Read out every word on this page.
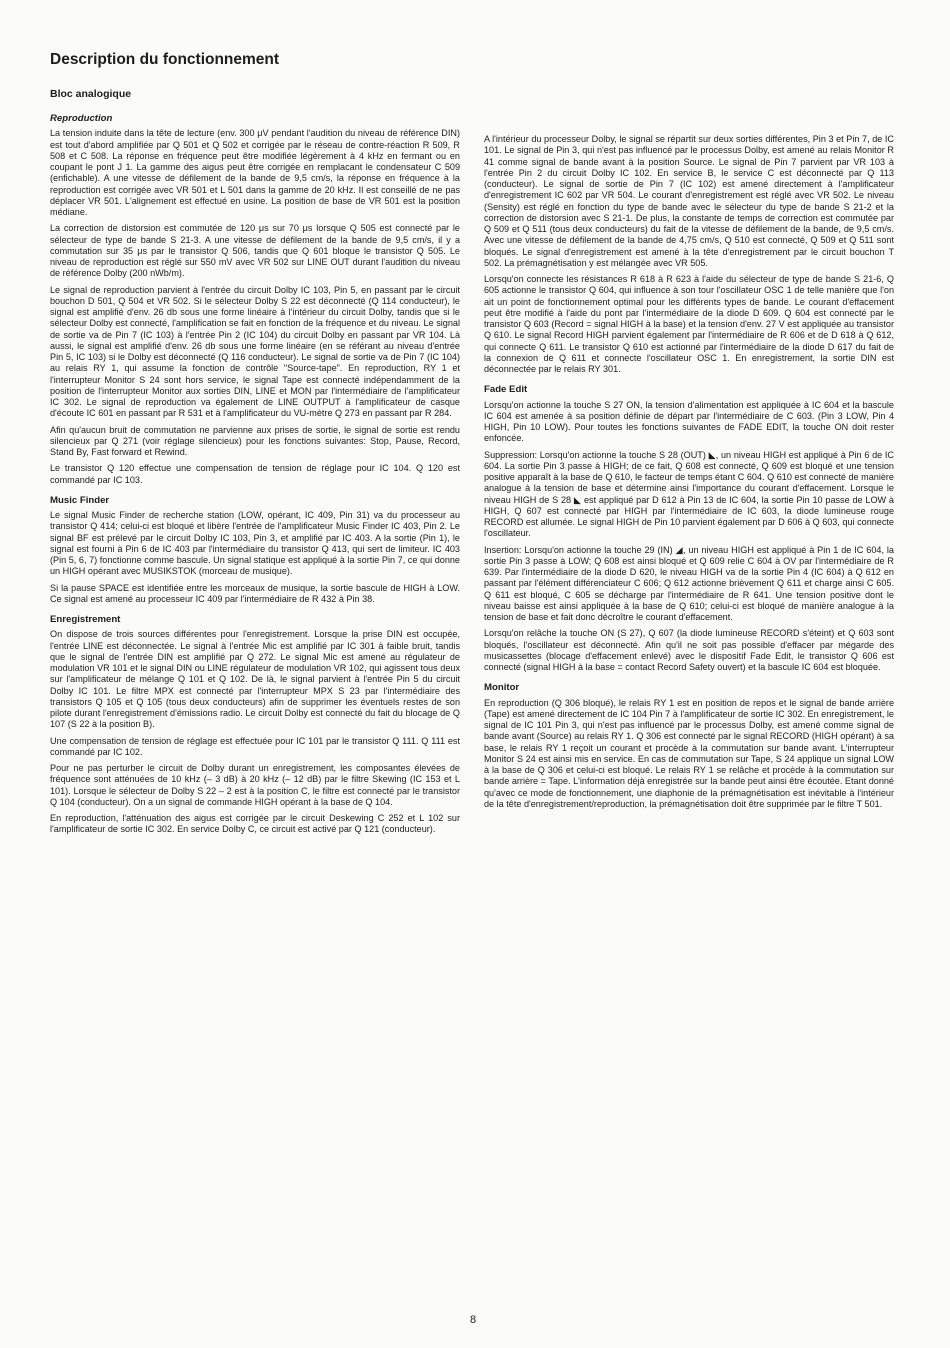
Description du fonctionnement
Bloc analogique
Reproduction

La tension induite dans la tête de lecture (env. 300 μV pendant l'audition du niveau de référence DIN) est tout d'abord amplifiée par Q 501 et Q 502 et corrigée par le réseau de contre-réaction R 509, R 508 et C 508. La réponse en fréquence peut être modifiée légèrement à 4 kHz en fermant ou en coupant le pont J 1. La gamme des aigus peut être corrigée en remplacant le condensateur C 509 (enfichable). A une vitesse de défilement de la bande de 9,5 cm/s, la réponse en fréquence à la reproduction est corrigée avec VR 501 et L 501 dans la gamme de 20 kHz. Il est conseillé de ne pas déplacer VR 501. L'alignement est effectué en usine. La position de base de VR 501 est la position médiane.

La correction de distorsion est commutée de 120 μs sur 70 μs lorsque Q 505 est connecté par le sélecteur de type de bande S 21-3. A une vitesse de défilement de la bande de 9,5 cm/s, il y a commutation sur 35 μs par le transistor Q 506, tandis que Q 601 bloque le transistor Q 505. Le niveau de reproduction est réglé sur 550 mV avec VR 502 sur LINE OUT durant l'audition du niveau de référence Dolby (200 nWb/m).

Le signal de reproduction parvient à l'entrée du circuit Dolby IC 103, Pin 5, en passant par le circuit bouchon D 501, Q 504 et VR 502. Si le sélecteur Dolby S 22 est déconnecté (Q 114 conducteur), le signal est amplifié d'env. 26 db sous une forme linéaire à l'intérieur du circuit Dolby, tandis que si le sélecteur Dolby est connecté, l'amplification se fait en fonction de la fréquence et du niveau. Le signal de sortie va de Pin 7 (IC 103) à l'entrée Pin 2 (IC 104) du circuit Dolby en passant par VR 104. Là aussi, le signal est amplifié d'env. 26 db sous une forme linéaire (en se référant au niveau d'entrée Pin 5, IC 103) si le Dolby est déconnecté (Q 116 conducteur). Le signal de sortie va de Pin 7 (IC 104) au relais RY 1, qui assume la fonction de contrôle "Source-tape". En reproduction, RY 1 et l'interrupteur Monitor S 24 sont hors service, le signal Tape est connecté indépendamment de la position de l'interrupteur Monitor aux sorties DIN, LINE et MON par l'intermédiaire de l'amplificateur IC 302. Le signal de reproduction va également de LINE OUTPUT à l'amplificateur de casque d'écoute IC 601 en passant par R 531 et à l'amplificateur du VU-mètre Q 273 en passant par R 284.

Afin qu'aucun bruit de commutation ne parvienne aux prises de sortie, le signal de sortie est rendu silencieux par Q 271 (voir réglage silencieux) pour les fonctions suivantes: Stop, Pause, Record, Stand By, Fast forward et Rewind.

Le transistor Q 120 effectue une compensation de tension de réglage pour IC 104. Q 120 est commandé par IC 103.

Music Finder

Le signal Music Finder de recherche station (LOW, opérant, IC 409, Pin 31) va du processeur au transistor Q 414; celui-ci est bloqué et libère l'entrée de l'amplificateur Music Finder IC 403, Pin 2. Le signal BF est prélevé par le circuit Dolby IC 103, Pin 3, et amplifié par IC 403. A la sortie (Pin 1), le signal est fourni à Pin 6 de IC 403 par l'intermédiaire du transistor Q 413, qui sert de limiteur. IC 403 (Pin 5, 6, 7) fonctionne comme bascule. Un signal statique est appliqué à la sortie Pin 7, ce qui donne un HIGH opérant avec MUSIKSTOK (morceau de musique).

Si la pause SPACE est identifiée entre les morceaux de musique, la sortie bascule de HIGH à LOW. Ce signal est amené au processeur IC 409 par l'intermédiaire de R 432 à Pin 38.

Enregistrement

On dispose de trois sources différentes pour l'enregistrement. Lorsque la prise DIN est occupée, l'entrée LINE est déconnectée. Le signal à l'entrée Mic est amplifié par IC 301 à faible bruit, tandis que le signal de l'entrée DIN est amplifié par Q 272. Le signal Mic est amené au régulateur de modulation VR 101 et le signal DIN ou LINE régulateur de modulation VR 102, qui agissent tous deux sur l'amplificateur de mélange Q 101 et Q 102. De là, le signal parvient à l'entrée Pin 5 du circuit Dolby IC 101. Le filtre MPX est connecté par l'interrupteur MPX S 23 par l'intermédiaire des transistors Q 105 et Q 105 (tous deux conducteurs) afin de supprimer les éventuels restes de son pilote durant l'enregistrement d'émissions radio. Le circuit Dolby est connecté du fait du blocage de Q 107 (S 22 à la position B).

Une compensation de tension de réglage est effectuée pour IC 101 par le transistor Q 111. Q 111 est commandé par IC 102.

Pour ne pas perturber le circuit de Dolby durant un enregistrement, les composantes élevées de fréquence sont atténuées de 10 kHz (– 3 dB) à 20 kHz (– 12 dB) par le filtre Skewing (IC 153 et L 101). Lorsque le sélecteur de Dolby S 22 – 2 est à la position C, le filtre est connecté par le transistor Q 104 (conducteur). On a un signal de commande HIGH opérant à la base de Q 104.

En reproduction, l'atténuation des aigus est corrigée par le circuit Deskewing C 252 et L 102 sur l'amplificateur de sortie IC 302. En service Dolby C, ce circuit est activé par Q 121 (conducteur).

A l'intérieur du processeur Dolby, le signal se répartit sur deux sorties différentes, Pin 3 et Pin 7, de IC 101. Le signal de Pin 3, qui n'est pas influencé par le processus Dolby, est amené au relais Monitor R 41 comme signal de bande avant à la position Source. Le signal de Pin 7 parvient par VR 103 à l'entrée Pin 2 du circuit Dolby IC 102. En service B, le service C est déconnecté par Q 113 (conducteur). Le signal de sortie de Pin 7 (IC 102) est amené directement à l'amplificateur d'enregistrement IC 602 par VR 504. Le courant d'enregistrement est réglé avec VR 502. Le niveau (Sensity) est réglé en fonction du type de bande avec le sélecteur du type de bande S 21-2 et la correction de distorsion avec S 21-1. De plus, la constante de temps de correction est commutée par Q 509 et Q 511 (tous deux conducteurs) du fait de la vitesse de défilement de la bande, de 9,5 cm/s. Avec une vitesse de défilement de la bande de 4,75 cm/s, Q 510 est connecté, Q 509 et Q 511 sont bloqués. Le signal d'enregistrement est amené à la tête d'enregistrement par le circuit bouchon T 502. La prémagnétisation y est mélangée avec VR 505.

Lorsqu'on connecte les résistances R 618 à R 623 à l'aide du sélecteur de type de bande S 21-6, Q 605 actionne le transistor Q 604, qui influence à son tour l'oscillateur OSC 1 de telle manière que l'on ait un point de fonctionnement optimal pour les différents types de bande. Le courant d'effacement peut être modifié à l'aide du pont par l'intermédiaire de la diode D 609. Q 604 est connecté par le transistor Q 603 (Record = signal HIGH à la base) et la tension d'env. 27 V est appliquée au transistor Q 610. Le signal Record HIGH parvient également par l'intermédiaire de R 606 et de D 618 à Q 612, qui connecte Q 611. Le transistor Q 610 est actionné par l'intermédiaire de la diode D 617 du fait de la connexion de Q 611 et connecte l'oscillateur OSC 1. En enregistrement, la sortie DIN est déconnectée par le relais RY 301.

Fade Edit

Lorsqu'on actionne la touche S 27 ON, la tension d'alimentation est appliquée à IC 604 et la bascule IC 604 est amenée à sa position définie de départ par l'intermédiaire de C 603. (Pin 3 LOW, Pin 4 HIGH, Pin 10 LOW). Pour toutes les fonctions suivantes de FADE EDIT, la touche ON doit rester enfoncée.

Suppression: Lorsqu'on actionne la touche S 28 (OUT) ◣, un niveau HIGH est appliqué à Pin 6 de IC 604. La sortie Pin 3 passe à HIGH; de ce fait, Q 608 est connecté, Q 609 est bloqué et une tension positive apparaît à la base de Q 610, le facteur de temps étant C 604. Q 610 est connecté de manière analogue à la tension de base et détermine ainsi l'importance du courant d'effacement. Lorsque le niveau HIGH de S 28 ◣ est appliqué par D 612 à Pin 13 de IC 604, la sortie Pin 10 passe de LOW à HIGH, Q 607 est connecté par HIGH par l'intermédiaire de IC 603, la diode lumineuse rouge RECORD est allumée. Le signal HIGH de Pin 10 parvient également par D 606 à Q 603, qui connecte l'oscillateur.

Insertion: Lorsqu'on actionne la touche 29 (IN) ◢, un niveau HIGH est appliqué à Pin 1 de IC 604, la sortie Pin 3 passe à LOW; Q 608 est ainsi bloqué et Q 609 relie C 604 à OV par l'intermédiaire de R 639. Par l'intermédiaire de la diode D 620, le niveau HIGH va de la sortie Pin 4 (IC 604) à Q 612 en passant par l'élément différenciateur C 606; Q 612 actionne brièvement Q 611 et charge ainsi C 605. Q 611 est bloqué, C 605 se décharge par l'intermédiaire de R 641. Une tension positive dont le niveau baisse est ainsi appliquée à la base de Q 610; celui-ci est bloqué de manière analogue à la tension de base et fait donc décroître le courant d'effacement.

Lorsqu'on relâche la touche ON (S 27), Q 607 (la diode lumineuse RECORD s'éteint) et Q 603 sont bloqués, l'oscillateur est déconnecté. Afin qu'il ne soit pas possible d'effacer par mégarde des musicassettes (blocage d'effacement enlevé) avec le dispositif Fade Edit, le transistor Q 606 est connecté (signal HIGH à la base = contact Record Safety ouvert) et la bascule IC 604 est bloquée.

Monitor

En reproduction (Q 306 bloqué), le relais RY 1 est en position de repos et le signal de bande arrière (Tape) est amené directement de IC 104 Pin 7 à l'amplificateur de sortie IC 302. En enregistrement, le signal de IC 101 Pin 3, qui n'est pas influencé par le processus Dolby, est amené comme signal de bande avant (Source) au relais RY 1. Q 306 est connecté par le signal RECORD (HIGH opérant) à sa base, le relais RY 1 reçoit un courant et procède à la commutation sur bande avant. L'interrupteur Monitor S 24 est ainsi mis en service. En cas de commutation sur Tape, S 24 applique un signal LOW à la base de Q 306 et celui-ci est bloqué. Le relais RY 1 se relâche et procède à la commutation sur bande arrière = Tape. L'information déjà enregistrée sur la bande peut ainsi être écoutée. Etant donné qu'avec ce mode de fonctionnement, une diaphonie de la prémagnétisation est inévitable à l'intérieur de la tête d'enregistrement/reproduction, la prémagnétisation doit être supprimée par le filtre T 501.

8
